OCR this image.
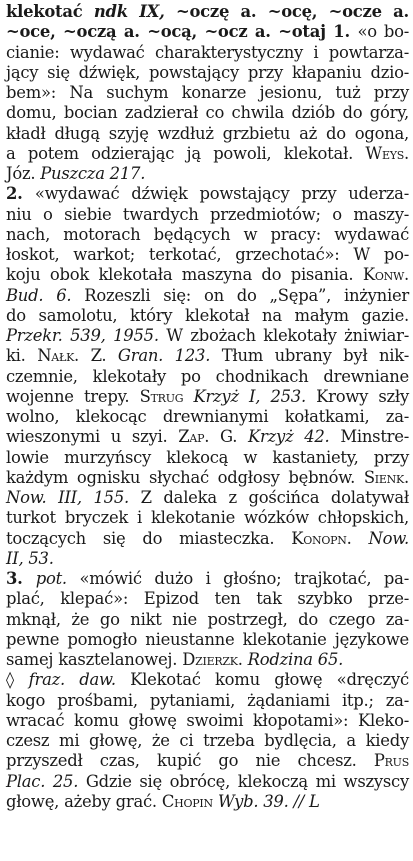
klekotać ndk IX, ~oczę a. ~ocę, ~ocze a.
~oce, ~oczą a. ~ocą, ~ocz a. ~otaj 1. «o bo-
cianie: wydawać charakterystyczny i powtarza-
jący się dźwięk, powstający przy kłapaniu dzio-
bem»: Na suchym konarze jesionu, tuż przy
domu, bocian zadzierał co chwila dziób do góry,
kładł długą szyję wzdłuż grzbietu aż do ogona,
a potem odzierając ją powoli, klekotał. Weys.
Józ. Puszcza 217.
2. «wydawać dźwięk powstający przy uderza-
niu o siebie twardych przedmiotów; o maszy-
nach, motorach będących w pracy: wydawać
łoskot, warkot; terkotać, grzechotać»: W po-
koju obok klekotała maszyna do pisania. Konw.
Bud. 6. Rozeszli się: on do „Sępa”, inżynier
do samolotu, który klekotał na małym gazie.
Przekr. 539, 1955. W zbożach klekotały żniwiar-
ki. Nałk. Z. Gran. 123. Tłum ubrany był nik-
czemnie, klekotały po chodnikach drewniane
wojenne trepy. Strug Krzyż I, 253. Krowy szły
wolno, klekocąc drewnianymi kołatkami, za-
wieszonymi u szyi. Zap. G. Krzyż 42. Minstre-
lowie murzyńscy klekocą w kastaniety, przy
każdym ognisku słychać odgłosy bębnów. Sienk.
Now. III, 155. Z daleka z gościńca dolatywał
turkot bryczek i klekotanie wózków chłopskich,
toczących się do miasteczka. Konopn. Now.
II, 53.
3. pot. «mówić dużo i głośno; trajkotać, pa-
plać, klepać»: Epizod ten tak szybko prze-
mknął, że go nikt nie postrzegł, do czego za-
pewne pomogło nieustanne klekotanie językowe
samej kasztelanowej. Dzierzk. Rodzina 65.
◊ fraz. daw. Klekotać komu głowę «dręczyć
kogo prośbami, pytaniami, żądaniami itp.; za-
wracać komu głowę swoimi kłopotami»: Kleko-
czesz mi głowę, że ci trzeba bydlęcia, a kiedy
przyszedł czas, kupić go nie chcesz. Prus
Plac. 25. Gdzie się obrócę, klekoczą mi wszyscy
głowę, ażeby grać. Chopin Wyb. 39. // L
